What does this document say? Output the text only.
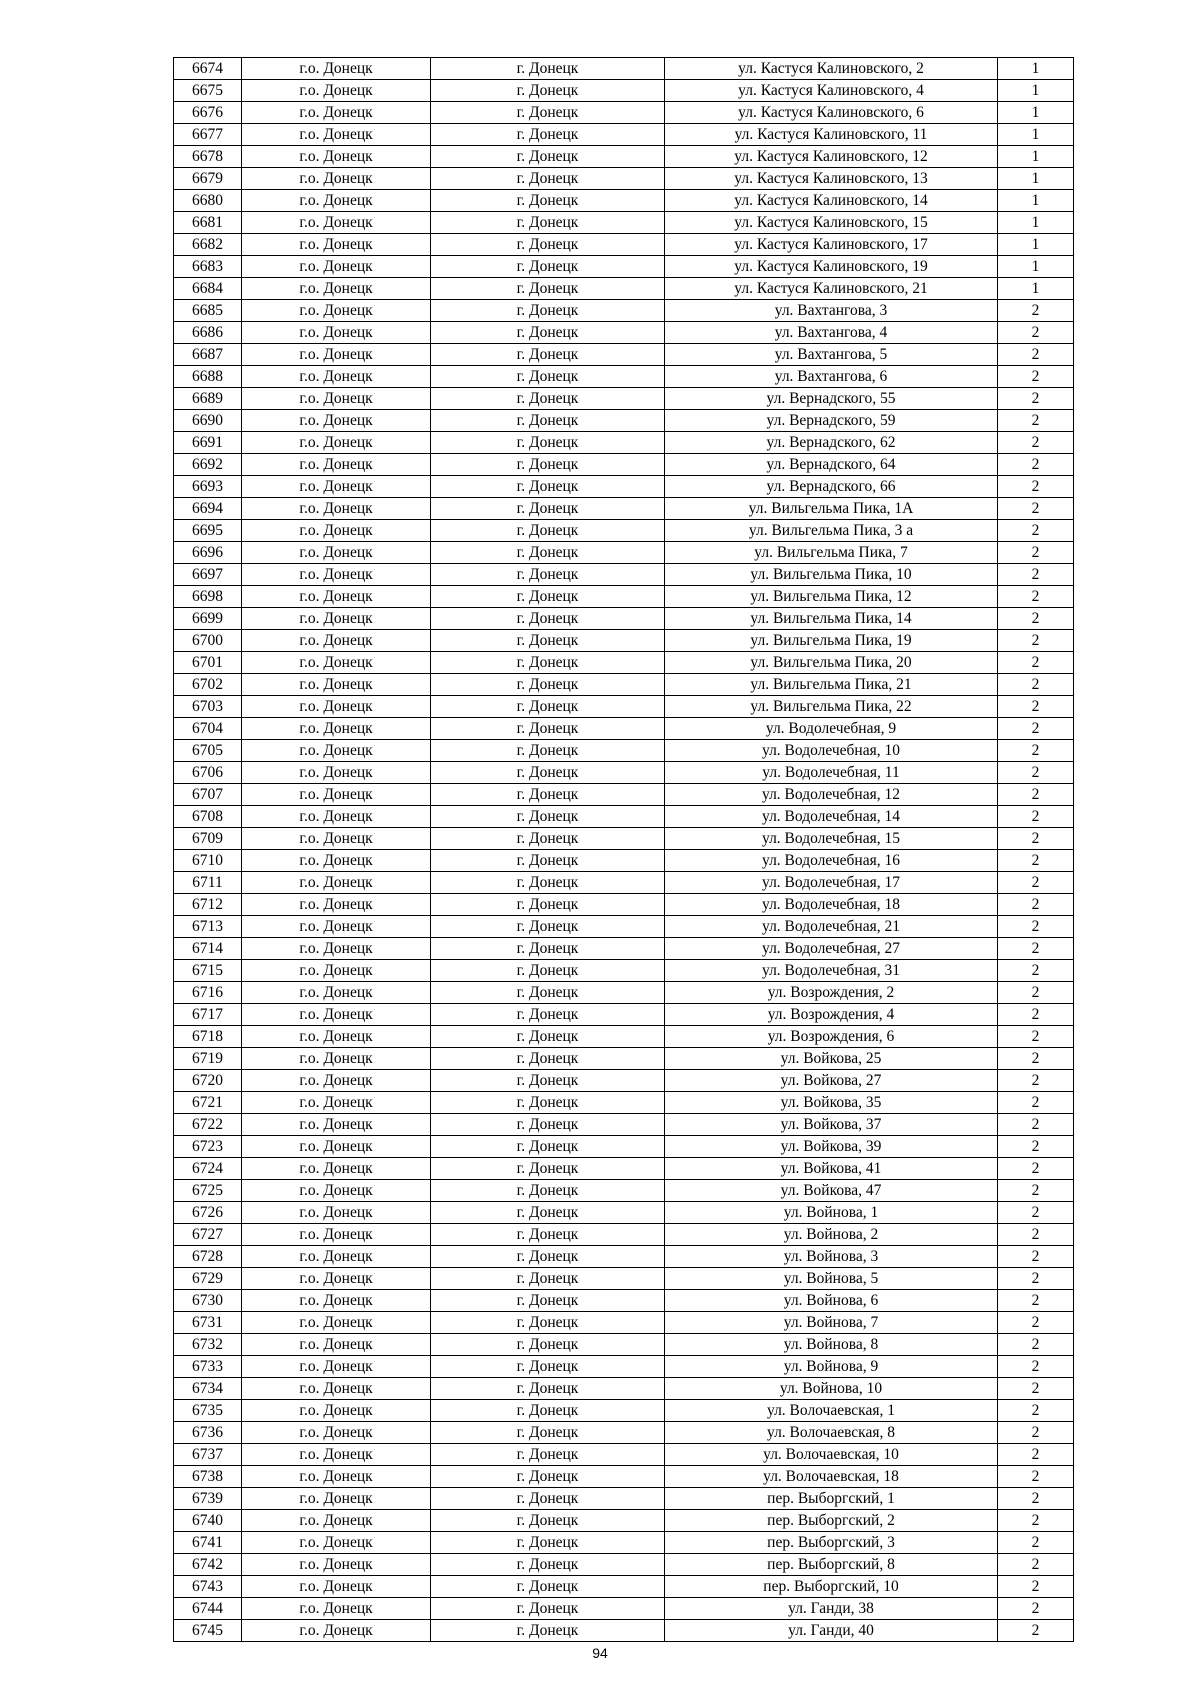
6674	г.о. Донецк	г. Донецк	ул. Кастуся Калиновского, 2	1
6675	г.о. Донецк	г. Донецк	ул. Кастуся Калиновского, 4	1
6676	г.о. Донецк	г. Донецк	ул. Кастуся Калиновского, 6	1
6677	г.о. Донецк	г. Донецк	ул. Кастуся Калиновского, 11	1
6678	г.о. Донецк	г. Донецк	ул. Кастуся Калиновского, 12	1
6679	г.о. Донецк	г. Донецк	ул. Кастуся Калиновского, 13	1
6680	г.о. Донецк	г. Донецк	ул. Кастуся Калиновского, 14	1
6681	г.о. Донецк	г. Донецк	ул. Кастуся Калиновского, 15	1
6682	г.о. Донецк	г. Донецк	ул. Кастуся Калиновского, 17	1
6683	г.о. Донецк	г. Донецк	ул. Кастуся Калиновского, 19	1
6684	г.о. Донецк	г. Донецк	ул. Кастуся Калиновского, 21	1
6685	г.о. Донецк	г. Донецк	ул. Вахтангова, 3	2
6686	г.о. Донецк	г. Донецк	ул. Вахтангова, 4	2
6687	г.о. Донецк	г. Донецк	ул. Вахтангова, 5	2
6688	г.о. Донецк	г. Донецк	ул. Вахтангова, 6	2
6689	г.о. Донецк	г. Донецк	ул. Вернадского, 55	2
6690	г.о. Донецк	г. Донецк	ул. Вернадского, 59	2
6691	г.о. Донецк	г. Донецк	ул. Вернадского, 62	2
6692	г.о. Донецк	г. Донецк	ул. Вернадского, 64	2
6693	г.о. Донецк	г. Донецк	ул. Вернадского, 66	2
6694	г.о. Донецк	г. Донецк	ул. Вильгельма Пика, 1А	2
6695	г.о. Донецк	г. Донецк	ул. Вильгельма Пика, 3 а	2
6696	г.о. Донецк	г. Донецк	ул. Вильгельма Пика, 7	2
6697	г.о. Донецк	г. Донецк	ул. Вильгельма Пика, 10	2
6698	г.о. Донецк	г. Донецк	ул. Вильгельма Пика, 12	2
6699	г.о. Донецк	г. Донецк	ул. Вильгельма Пика, 14	2
6700	г.о. Донецк	г. Донецк	ул. Вильгельма Пика, 19	2
6701	г.о. Донецк	г. Донецк	ул. Вильгельма Пика, 20	2
6702	г.о. Донецк	г. Донецк	ул. Вильгельма Пика, 21	2
6703	г.о. Донецк	г. Донецк	ул. Вильгельма Пика, 22	2
6704	г.о. Донецк	г. Донецк	ул. Водолечебная, 9	2
6705	г.о. Донецк	г. Донецк	ул. Водолечебная, 10	2
6706	г.о. Донецк	г. Донецк	ул. Водолечебная, 11	2
6707	г.о. Донецк	г. Донецк	ул. Водолечебная, 12	2
6708	г.о. Донецк	г. Донецк	ул. Водолечебная, 14	2
6709	г.о. Донецк	г. Донецк	ул. Водолечебная, 15	2
6710	г.о. Донецк	г. Донецк	ул. Водолечебная, 16	2
6711	г.о. Донецк	г. Донецк	ул. Водолечебная, 17	2
6712	г.о. Донецк	г. Донецк	ул. Водолечебная, 18	2
6713	г.о. Донецк	г. Донецк	ул. Водолечебная, 21	2
6714	г.о. Донецк	г. Донецк	ул. Водолечебная, 27	2
6715	г.о. Донецк	г. Донецк	ул. Водолечебная, 31	2
6716	г.о. Донецк	г. Донецк	ул. Возрождения, 2	2
6717	г.о. Донецк	г. Донецк	ул. Возрождения, 4	2
6718	г.о. Донецк	г. Донецк	ул. Возрождения, 6	2
6719	г.о. Донецк	г. Донецк	ул. Войкова, 25	2
6720	г.о. Донецк	г. Донецк	ул. Войкова, 27	2
6721	г.о. Донецк	г. Донецк	ул. Войкова, 35	2
6722	г.о. Донецк	г. Донецк	ул. Войкова, 37	2
6723	г.о. Донецк	г. Донецк	ул. Войкова, 39	2
6724	г.о. Донецк	г. Донецк	ул. Войкова, 41	2
6725	г.о. Донецк	г. Донецк	ул. Войкова, 47	2
6726	г.о. Донецк	г. Донецк	ул. Войнова, 1	2
6727	г.о. Донецк	г. Донецк	ул. Войнова, 2	2
6728	г.о. Донецк	г. Донецк	ул. Войнова, 3	2
6729	г.о. Донецк	г. Донецк	ул. Войнова, 5	2
6730	г.о. Донецк	г. Донецк	ул. Войнова, 6	2
6731	г.о. Донецк	г. Донецк	ул. Войнова, 7	2
6732	г.о. Донецк	г. Донецк	ул. Войнова, 8	2
6733	г.о. Донецк	г. Донецк	ул. Войнова, 9	2
6734	г.о. Донецк	г. Донецк	ул. Войнова, 10	2
6735	г.о. Донецк	г. Донецк	ул. Волочаевская, 1	2
6736	г.о. Донецк	г. Донецк	ул. Волочаевская, 8	2
6737	г.о. Донецк	г. Донецк	ул. Волочаевская, 10	2
6738	г.о. Донецк	г. Донецк	ул. Волочаевская, 18	2
6739	г.о. Донецк	г. Донецк	пер. Выборгский, 1	2
6740	г.о. Донецк	г. Донецк	пер. Выборгский, 2	2
6741	г.о. Донецк	г. Донецк	пер. Выборгский, 3	2
6742	г.о. Донецк	г. Донецк	пер. Выборгский, 8	2
6743	г.о. Донецк	г. Донецк	пер. Выборгский, 10	2
6744	г.о. Донецк	г. Донецк	ул. Ганди, 38	2
6745	г.о. Донецк	г. Донецк	ул. Ганди, 40	2
94
